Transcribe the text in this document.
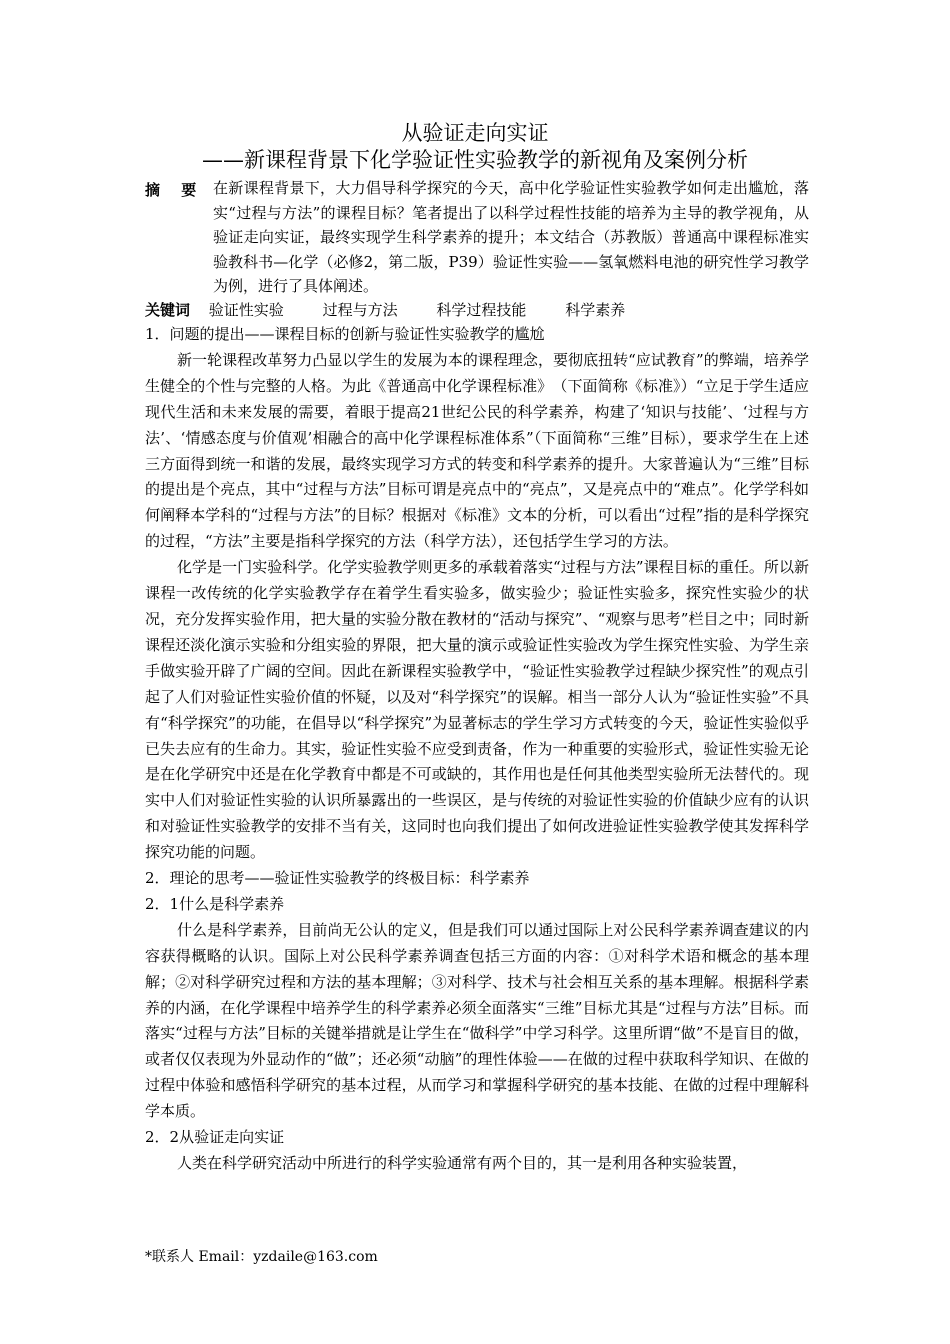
从验证走向实证
——新课程背景下化学验证性实验教学的新视角及案例分析
摘 要 在新课程背景下，大力倡导科学探究的今天，高中化学验证性实验教学如何走出尴尬，落实“过程与方法”的课程目标？笔者提出了以科学过程性技能的培养为主导的教学视角，从验证走向实证，最终实现学生科学素养的提升；本文结合（苏教版）普通高中课程标准实验教科书—化学（必修2，第二版，P39）验证性实验——氢氧燃料电池的研究性学习教学为例，进行了具体阐述。
关键词 验证性实验	过程与方法	科学过程技能	科学素养

1．问题的提出——课程目标的创新与验证性实验教学的尴尬

新一轮课程改革努力凸显以学生的发展为本的课程理念，要彻底扭转“应试教育”的弊端，培养学生健全的个性与完整的人格。为此《普通高中化学课程标准》　（下面简称《标准》）“立足于学生适应现代生活和未来发展的需要，着眼于提高21世纪公民的科学素养，构建了‘知识与技能’、‘过程与方法’、‘情感态度与价值观’相融合的高中化学课程标准体系”（下面简称“三维”目标），要求学生在上述三方面得到统一和谐的发展，最终实现学习方式的转变和科学素养的提升。大家普遍认为“三维”目标的提出是个亮点，其中“过程与方法”目标可谓是亮点中的“亮点”，又是亮点中的“难点”。化学学科如何阐释本学科的“过程与方法”的目标？根据对《标准》文本的分析，可以看出“过程”指的是科学探究的过程，“方法”主要是指科学探究的方法（科学方法），还包括学生学习的方法。

化学是一门实验科学。化学实验教学则更多的承载着落实“过程与方法”课程目标的重任。所以新课程一改传统的化学实验教学存在着学生看实验多，做实验少；验证性实验多，探究性实验少的状况，充分发挥实验作用，把大量的实验分散在教材的“活动与探究”、“观察与思考”栏目之中；同时新课程还淡化演示实验和分组实验的界限，把大量的演示或验证性实验改为学生探究性实验、为学生亲手做实验开辟了广阔的空间。因此在新课程实验教学中，“验证性实验教学过程缺少探究性”的观点引起了人们对验证性实验价值的怀疑，以及对“科学探究”的误解。相当一部分人认为“验证性实验”不具有“科学探究”的功能，在倡导以“科学探究”为显著标志的学生学习方式转变的今天，验证性实验似乎已失去应有的生命力。其实，验证性实验不应受到责备，作为一种重要的实验形式，验证性实验无论是在化学研究中还是在化学教育中都是不可或缺的，其作用也是任何其他类型实验所无法替代的。现实中人们对验证性实验的认识所暴露出的一些误区，是与传统的对验证性实验的价值缺少应有的认识和对验证性实验教学的安排不当有关，这同时也向我们提出了如何改进验证性实验教学使其发挥科学探究功能的问题。

2．理论的思考——验证性实验教学的终极目标：科学素养

2．1什么是科学素养

什么是科学素养，目前尚无公认的定义，但是我们可以通过国际上对公民科学素养调查建议的内容获得概略的认识。国际上对公民科学素养调查包括三方面的内容：①对科学术语和概念的基本理解；②对科学研究过程和方法的基本理解；③对科学、技术与社会相互关系的基本理解。根据科学素养的内涵，在化学课程中培养学生的科学素养必须全面落实“三维”目标尤其是“过程与方法”目标。而落实“过程与方法”目标的关键举措就是让学生在“做科学”中学习科学。这里所谓“做”不是盲目的做，或者仅仅表现为外显动作的“做”；还必须“动脑”的理性体验——在做的过程中获取科学知识、在做的过程中体验和感悟科学研究的基本过程，从而学习和掌握科学研究的基本技能、在做的过程中理解科学本质。

2．2从验证走向实证

人类在科学研究活动中所进行的科学实验通常有两个目的，其一是利用各种实验装置，

*联系人 Email：yzdaile@163.com
